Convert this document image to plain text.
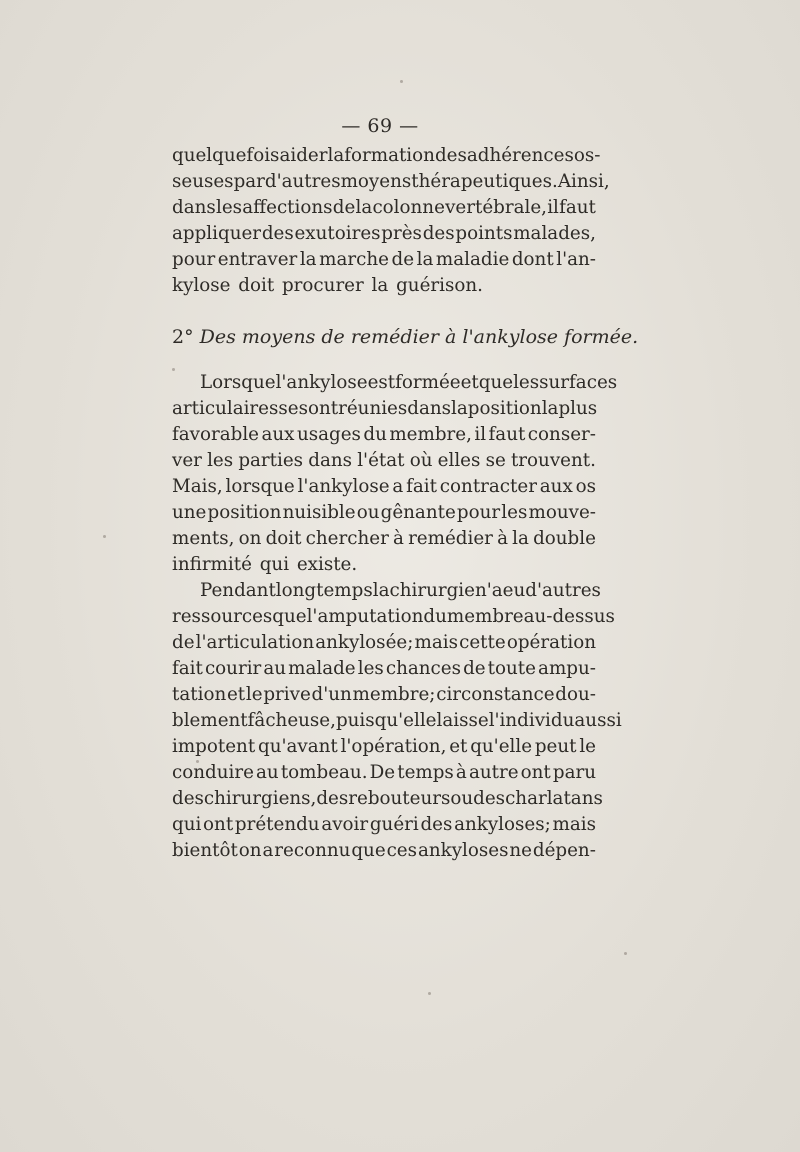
— 69 —
quelquefois aider la formation des adhérences os-
seuses par d'autres moyens thérapeutiques. Ainsi,
dans les affections de la colonne vertébrale, il faut
appliquer des exutoires près des points malades,
pour entraver la marche de la maladie dont l'an-
kylose doit procurer la guérison.
2° Des moyens de remédier à l'ankylose formée.
Lorsque l'ankylose est formée et que les surfaces
articulaires se sont réunies dans la position la plus
favorable aux usages du membre, il faut conser-
ver les parties dans l'état où elles se trouvent.
Mais, lorsque l'ankylose a fait contracter aux os
une position nuisible ou gênante pour les mouve-
ments, on doit chercher à remédier à la double
infirmité qui existe.
Pendant longtemps la chirurgie n'a eu d'autres
ressources que l'amputation du membre au-dessus
de l'articulation ankylosée; mais cette opération
fait courir au malade les chances de toute ampu-
tation et le prive d'un membre; circonstance dou-
blement fâcheuse, puisqu'elle laisse l'individu aussi
impotent qu'avant l'opération, et qu'elle peut le
conduire au tombeau. De temps à autre ont paru
des chirurgiens, des rebouteurs ou des charlatans
qui ont prétendu avoir guéri des ankyloses; mais
bientôt on a reconnu que ces ankyloses ne dépen-
